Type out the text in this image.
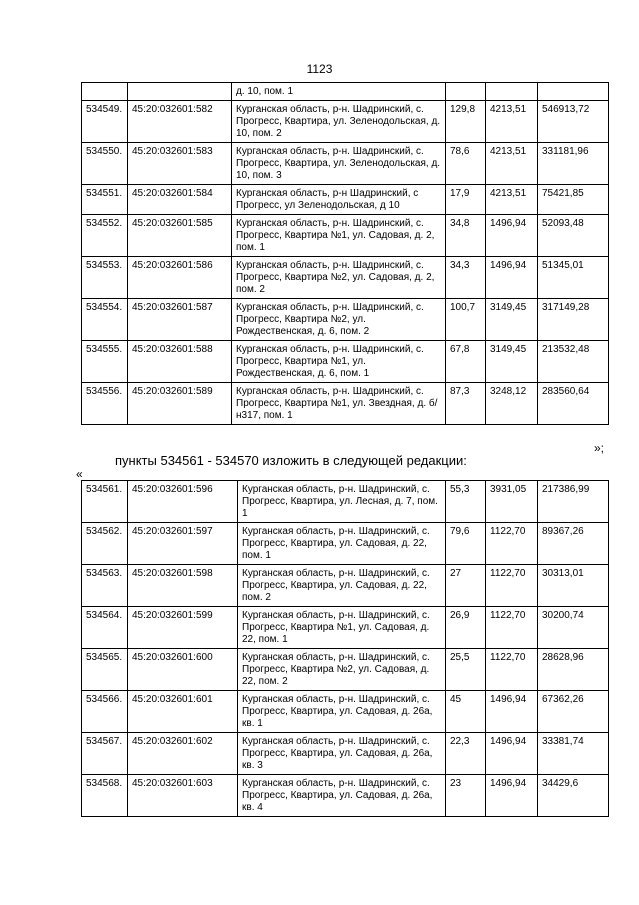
1123
		д. 10, пом. 1			
534549.	45:20:032601:582	Курганская область, р-н. Шадринский, с. Прогресс, Квартира, ул. Зеленодольская, д. 10, пом. 2	129,8	4213,51	546913,72
534550.	45:20:032601:583	Курганская область, р-н. Шадринский, с. Прогресс, Квартира, ул. Зеленодольская, д. 10, пом. 3	78,6	4213,51	331181,96
534551.	45:20:032601:584	Курганская область, р-н Шадринский, с Прогресс, ул Зеленодольская, д 10	17,9	4213,51	75421,85
534552.	45:20:032601:585	Курганская область, р-н. Шадринский, с. Прогресс, Квартира №1, ул. Садовая, д. 2, пом. 1	34,8	1496,94	52093,48
534553.	45:20:032601:586	Курганская область, р-н. Шадринский, с. Прогресс, Квартира №2, ул. Садовая, д. 2, пом. 2	34,3	1496,94	51345,01
534554.	45:20:032601:587	Курганская область, р-н. Шадринский, с. Прогресс, Квартира №2, ул. Рождественская, д. 6, пом. 2	100,7	3149,45	317149,28
534555.	45:20:032601:588	Курганская область, р-н. Шадринский, с. Прогресс, Квартира №1, ул. Рождественская, д. 6, пом. 1	67,8	3149,45	213532,48
534556.	45:20:032601:589	Курганская область, р-н. Шадринский, с. Прогресс, Квартира №1, ул. Звездная, д. б/н317, пом. 1	87,3	3248,12	283560,64
»;
пункты 534561 - 534570 изложить в следующей редакции:
«
534561.	45:20:032601:596	Курганская область, р-н. Шадринский, с. Прогресс, Квартира, ул. Лесная, д. 7, пом. 1	55,3	3931,05	217386,99
534562.	45:20:032601:597	Курганская область, р-н. Шадринский, с. Прогресс, Квартира, ул. Садовая, д. 22, пом. 1	79,6	1122,70	89367,26
534563.	45:20:032601:598	Курганская область, р-н. Шадринский, с. Прогресс, Квартира, ул. Садовая, д. 22, пом. 2	27	1122,70	30313,01
534564.	45:20:032601:599	Курганская область, р-н. Шадринский, с. Прогресс, Квартира №1, ул. Садовая, д. 22, пом. 1	26,9	1122,70	30200,74
534565.	45:20:032601:600	Курганская область, р-н. Шадринский, с. Прогресс, Квартира №2, ул. Садовая, д. 22, пом. 2	25,5	1122,70	28628,96
534566.	45:20:032601:601	Курганская область, р-н. Шадринский, с. Прогресс, Квартира, ул. Садовая, д. 26а, кв. 1	45	1496,94	67362,26
534567.	45:20:032601:602	Курганская область, р-н. Шадринский, с. Прогресс, Квартира, ул. Садовая, д. 26а, кв. 3	22,3	1496,94	33381,74
534568.	45:20:032601:603	Курганская область, р-н. Шадринский, с. Прогресс, Квартира, ул. Садовая, д. 26а, кв. 4	23	1496,94	34429,6
